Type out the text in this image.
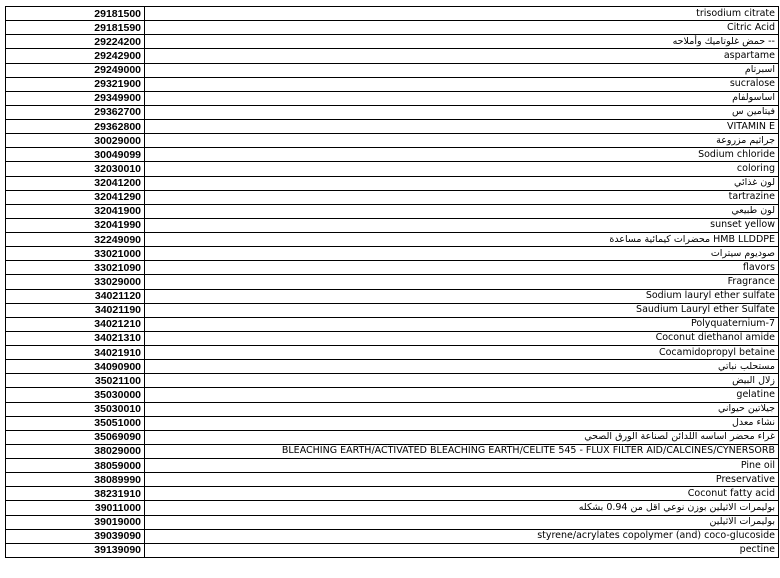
29181500	trisodium citrate
29181590	Citric Acid
29224200	حمض غلوتاميك وأملاحه --
29242900	aspartame
29249000	اسبرتام
29321900	sucralose
29349900	اساسولفام
29362700	فيتامين س
29362800	VITAMIN E
30029000	جراثيم مزروعة
30049099	Sodium chloride
32030010	coloring
32041200	لون غذائي
32041290	tartrazine
32041900	لون طبيعي
32041990	sunset yellow
32249090	محضرات كيمائية مساعدة HMB LLDDPE
33021000	صوديوم سيترات
33021090	flavors
33029000	Fragrance
34021120	Sodium lauryl ether sulfate
34021190	Saudium Lauryl ether Sulfate
34021210	Polyquaternium-7
34021310	Coconut diethanol amide
34021910	Cocamidopropyl betaine
34090900	مستحلب نباتي
35021100	زلال البيض
35030000	gelatine
35030010	جيلاتين حيواني
35051000	نشاء معدل
35069090	غراء محضر اساسه اللدائن لصناعة الورق الصحي
38029000	BLEACHING EARTH/ACTIVATED BLEACHING EARTH/CELITE 545 - FLUX FILTER AID/CALCINES/CYNERSORB
38059000	Pine oil
38089990	Preservative
38231910	Coconut fatty acid
39011000	بوليمرات الاثيلين بوزن نوعي اقل من 0.94 بشكله
39019000	بوليمرات الاثيلين
39039090	styrene/acrylates copolymer (and) coco-glucoside
39139090	pectine
